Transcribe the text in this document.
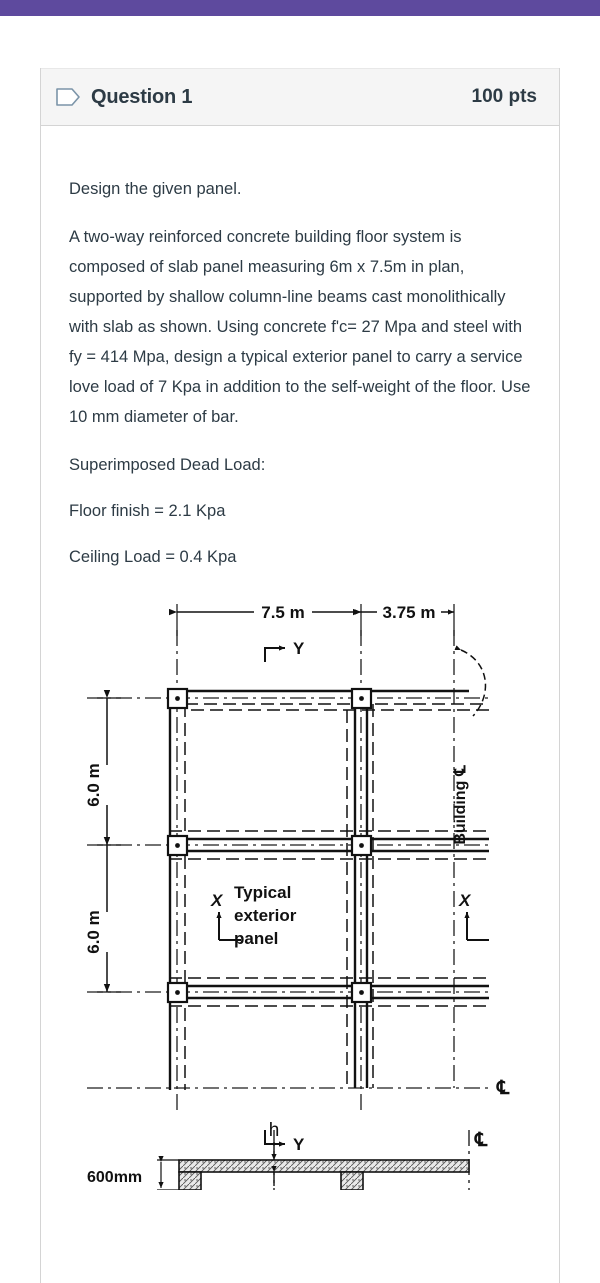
Question 1	100 pts

Design the given panel.

A two-way reinforced concrete building floor system is composed of slab panel measuring 6m x 7.5m in plan, supported by shallow column-line beams cast monolithically with slab as shown. Using concrete f'c= 27 Mpa and steel with fy = 414 Mpa, design a typical exterior panel to carry a service love load of 7 Kpa in addition to the self-weight of the floor. Use 10 mm diameter of bar.

Superimposed Dead Load:

Floor finish = 2.1 Kpa

Ceiling Load = 0.4 Kpa

7.5 m	3.75 m
6.0 m
6.0 m
Typical
exterior
panel
Y
Y
X	X
Building℄
℄
600mm
h	℄
